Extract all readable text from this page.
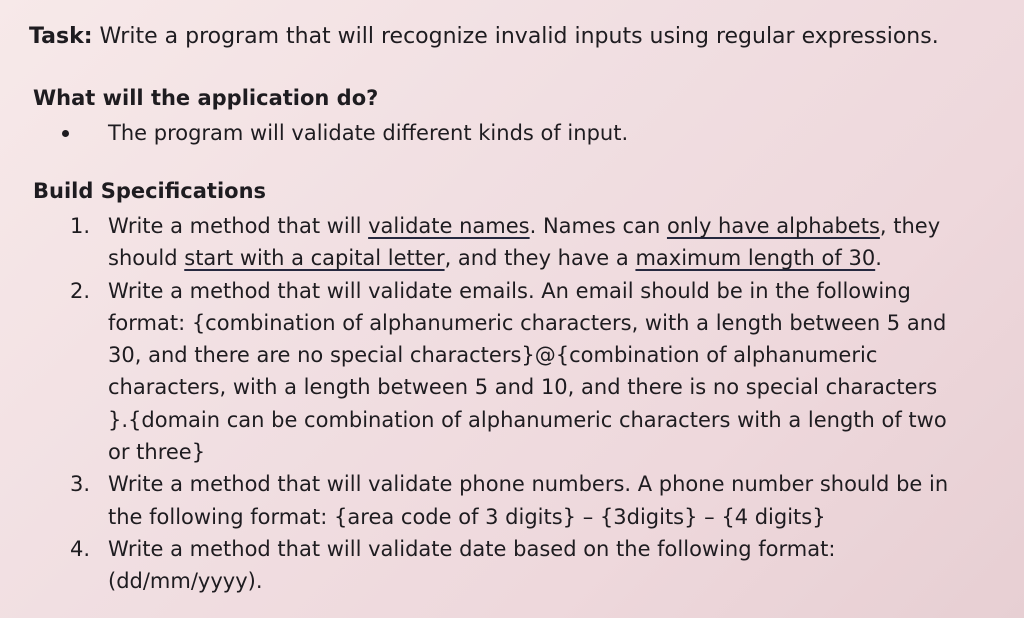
Task: Write a program that will recognize invalid inputs using regular expressions.
What will the application do?
The program will validate different kinds of input.
Build Specifications
1. Write a method that will validate names. Names can only have alphabets, they
should start with a capital letter, and they have a maximum length of 30.
2. Write a method that will validate emails. An email should be in the following
format: {combination of alphanumeric characters, with a length between 5 and
30, and there are no special characters}@{combination of alphanumeric
characters, with a length between 5 and 10, and there is no special characters
}.{domain can be combination of alphanumeric characters with a length of two
or three}
3. Write a method that will validate phone numbers. A phone number should be in
the following format: {area code of 3 digits} – {3digits} – {4 digits}
4. Write a method that will validate date based on the following format:
(dd/mm/yyyy).
